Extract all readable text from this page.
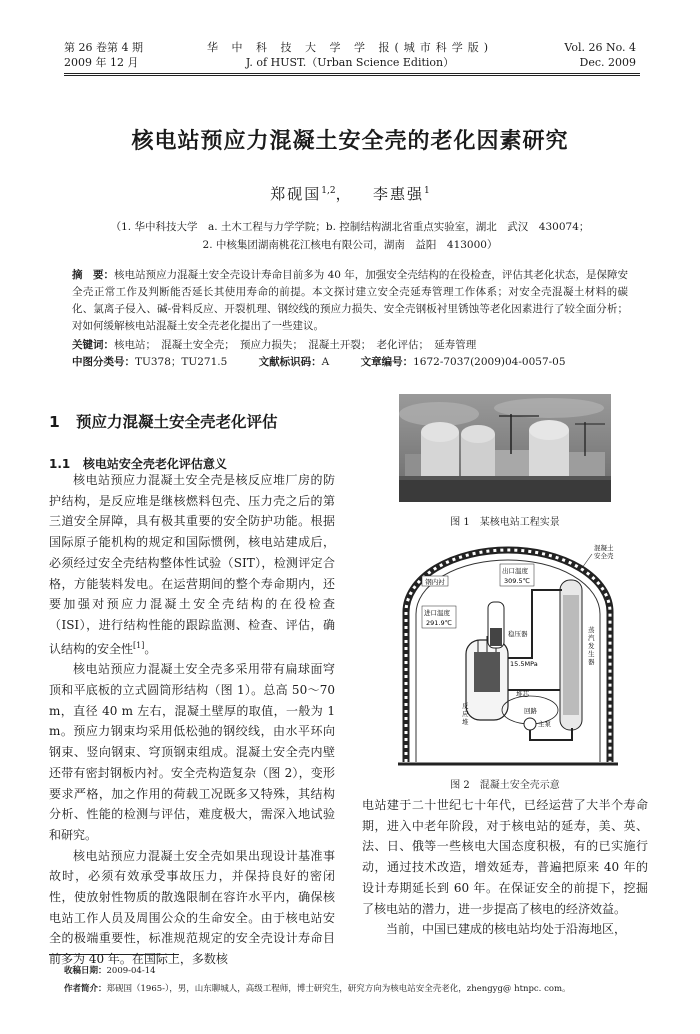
第 26 卷第 4 期
2009 年 12 月
华 中 科 技 大 学 学 报(城市科学版)
J. of HUST.（Urban Science Edition）
Vol. 26 No. 4
Dec. 2009
核电站预应力混凝土安全壳的老化因素研究
郑砚国$^{1,2}$， 李惠强$^1$
（1. 华中科技大学　a. 土木工程与力学学院；b. 控制结构湖北省重点实验室，湖北　武汉　430074；
2. 中核集团湖南桃花江核电有限公司，湖南　益阳　413000）
摘　要：核电站预应力混凝土安全壳设计寿命目前多为 40 年，加强安全壳结构的在役检查，评估其老化状态，是保障安全壳正常工作及判断能否延长其使用寿命的前提。本文探讨建立安全壳延寿管理工作体系；对安全壳混凝土材料的碳化、氯离子侵入、碱-骨料反应、开裂机理、钢绞线的预应力损失、安全壳钢板衬里锈蚀等老化因素进行了较全面分析；对如何缓解核电站混凝土安全壳老化提出了一些建议。
关键词：核电站；　混凝土安全壳；　预应力损失；　混凝土开裂；　老化评估；　延寿管理
中图分类号：TU378；TU271.5	文献标识码：A	文章编号：1672-7037(2009)04-0057-05
1 预应力混凝土安全壳老化评估
1.1 核电站安全壳老化评估意义

核电站预应力混凝土安全壳是核反应堆厂房的防护结构，是反应堆是继核燃料包壳、压力壳之后的第三道安全屏障，具有极其重要的安全防护功能。根据国际原子能机构的规定和国际惯例，核电站建成后，必须经过安全壳结构整体性试验（SIT），检测评定合格，方能装料发电。在运营期间的整个寿命期内，还要加强对预应力混凝土安全壳结构的在役检查（ISI），进行结构性能的跟踪监测、检查、评估，确认结构的安全性[1]。

核电站预应力混凝土安全壳多采用带有扁球面穹顶和平底板的立式圆筒形结构（图 1）。总高 50～70 m，直径 40 m 左右，混凝土壁厚的取值，一般为 1 m。预应力钢束均采用低松弛的钢绞线，由水平环向钢束、竖向钢束、穹顶钢束组成。混凝土安全壳内壁还带有密封钢板内衬。安全壳构造复杂（图 2），变形要求严格，加之作用的荷载工况既多又特殊，其结构分析、性能的检测与评估，难度极大，需深入地试验和研究。

核电站预应力混凝土安全壳如果出现设计基准事故时，必须有效承受事故压力，并保持良好的密闭性，使放射性物质的散逸限制在容许水平内，确保核电站工作人员及周围公众的生命安全。由于核电站安全的极端重要性，标准规范规定的安全壳设计寿命目前多为 40 年。在国际上，多数核

图 1　某核电站工程实景
钢内衬
出口温度
309.5℃
进口温度
291.9℃
稳压器
15.5MPa
蒸汽发生器
反应堆
堆芯
回路
主泵
混凝土安全壳
图 2　混凝土安全壳示意

电站建于二十世纪七十年代，已经运营了大半个寿命期，进入中老年阶段，对于核电站的延寿，美、英、法、日、俄等一些核电大国态度积极，有的已实施行动，通过技术改造，增效延寿，普遍把原来 40 年的设计寿期延长到 60 年。在保证安全的前提下，挖掘了核电站的潜力，进一步提高了核电的经济效益。

当前，中国已建成的核电站均处于沿海地区，

收稿日期：2009-04-14
作者简介：郑砚国（1965-），男，山东聊城人，高级工程师，博士研究生，研究方向为核电站安全壳老化，zhengyg@ htnpc. com。
